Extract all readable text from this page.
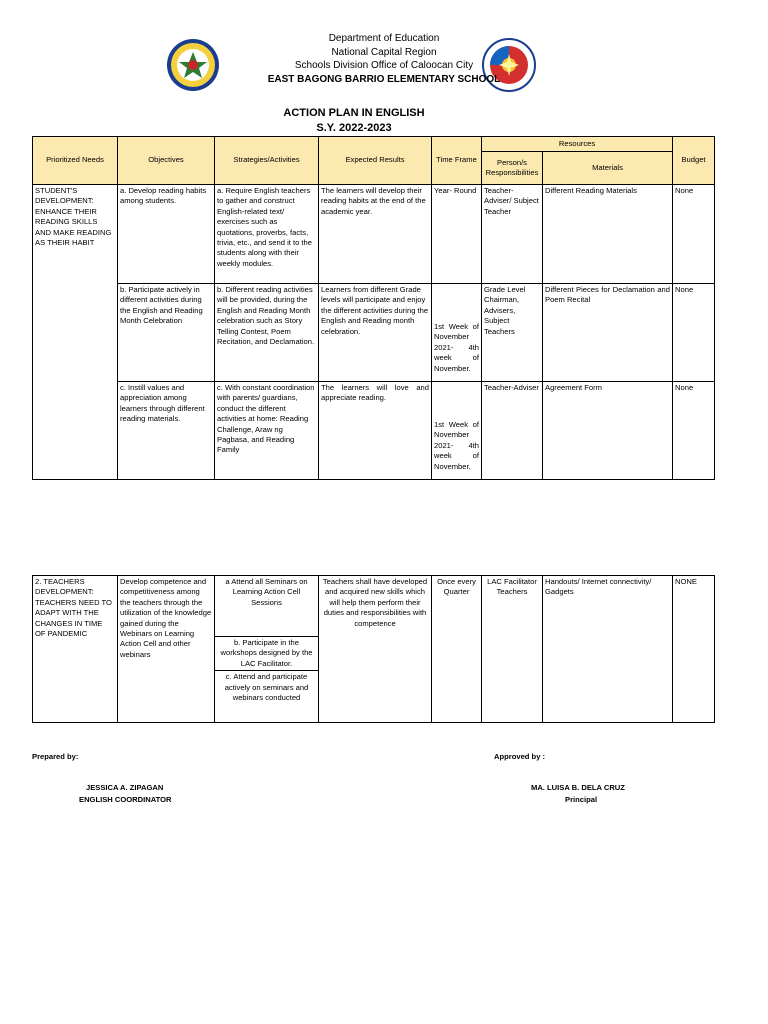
Department of Education
National Capital Region
Schools Division Office of Caloocan City
EAST BAGONG BARRIO ELEMENTARY SCHOOL
ACTION PLAN IN ENGLISH
S.Y. 2022-2023
Prioritized Needs	Objectives	Strategies/Activities	Expected Results	Time Frame	Resources		Budget
					Person/s Responsibilities	Materials	
STUDENT'S DEVELOPMENT: ENHANCE THEIR READING SKILLS AND MAKE READING AS THEIR HABIT	a. Develop reading habits among students.	a. Require English teachers to gather and construct English-related text/ exercises such as quotations, proverbs, facts, trivia, etc., and send it to the students along with their weekly modules.	The learners will develop their reading habits at the end of the academic year.	Year- Round	Teacher-Adviser/ Subject Teacher	Different Reading Materials	None
	b. Participate actively in different activities during the English and Reading Month Celebration	b. Different reading activities will be provided, during the English and Reading Month celebration such as Story Telling Contest, Poem Recitation, and Declamation.	Learners from different Grade levels will participate and enjoy the different activities during the English and Reading month celebration.	1st Week of November 2021- 4th week of November.	Grade Level Chairman, Advisers, Subject Teachers	Different Pieces for Declamation and Poem Recital	None
	c. Instill values and appreciation among learners through different reading materials.	c. With constant coordination with parents/ guardians, conduct the different activities at home: Reading Challenge, Araw ng Pagbasa, and Reading Family	The learners will love and appreciate reading.	1st Week of November 2021- 4th week of November.	Teacher-Adviser	Agreement Form	None
2. TEACHERS DEVELOPMENT: TEACHERS NEED TO ADAPT WITH THE CHANGES IN TIME OF PANDEMIC	Develop competence and competitiveness among the teachers through the utilization of the knowledge gained during the Webinars on Learning Action Cell and other webinars	a Attend all Seminars on Learning Action Cell Sessions	Teachers shall have developed and acquired new skills which will help them perform their duties and responsibilities with competence	Once every Quarter	LAC Facilitator Teachers	Handouts/ Internet connectivity/ Gadgets	NONE
b. Participate in the workshops designed by the LAC Facilitator.
c. Attend and participate actively on seminars and webinars conducted
Prepared by:
JESSICA A. ZIPAGAN
ENGLISH COORDINATOR
Approved by :
MA. LUISA B. DELA CRUZ
Principal
